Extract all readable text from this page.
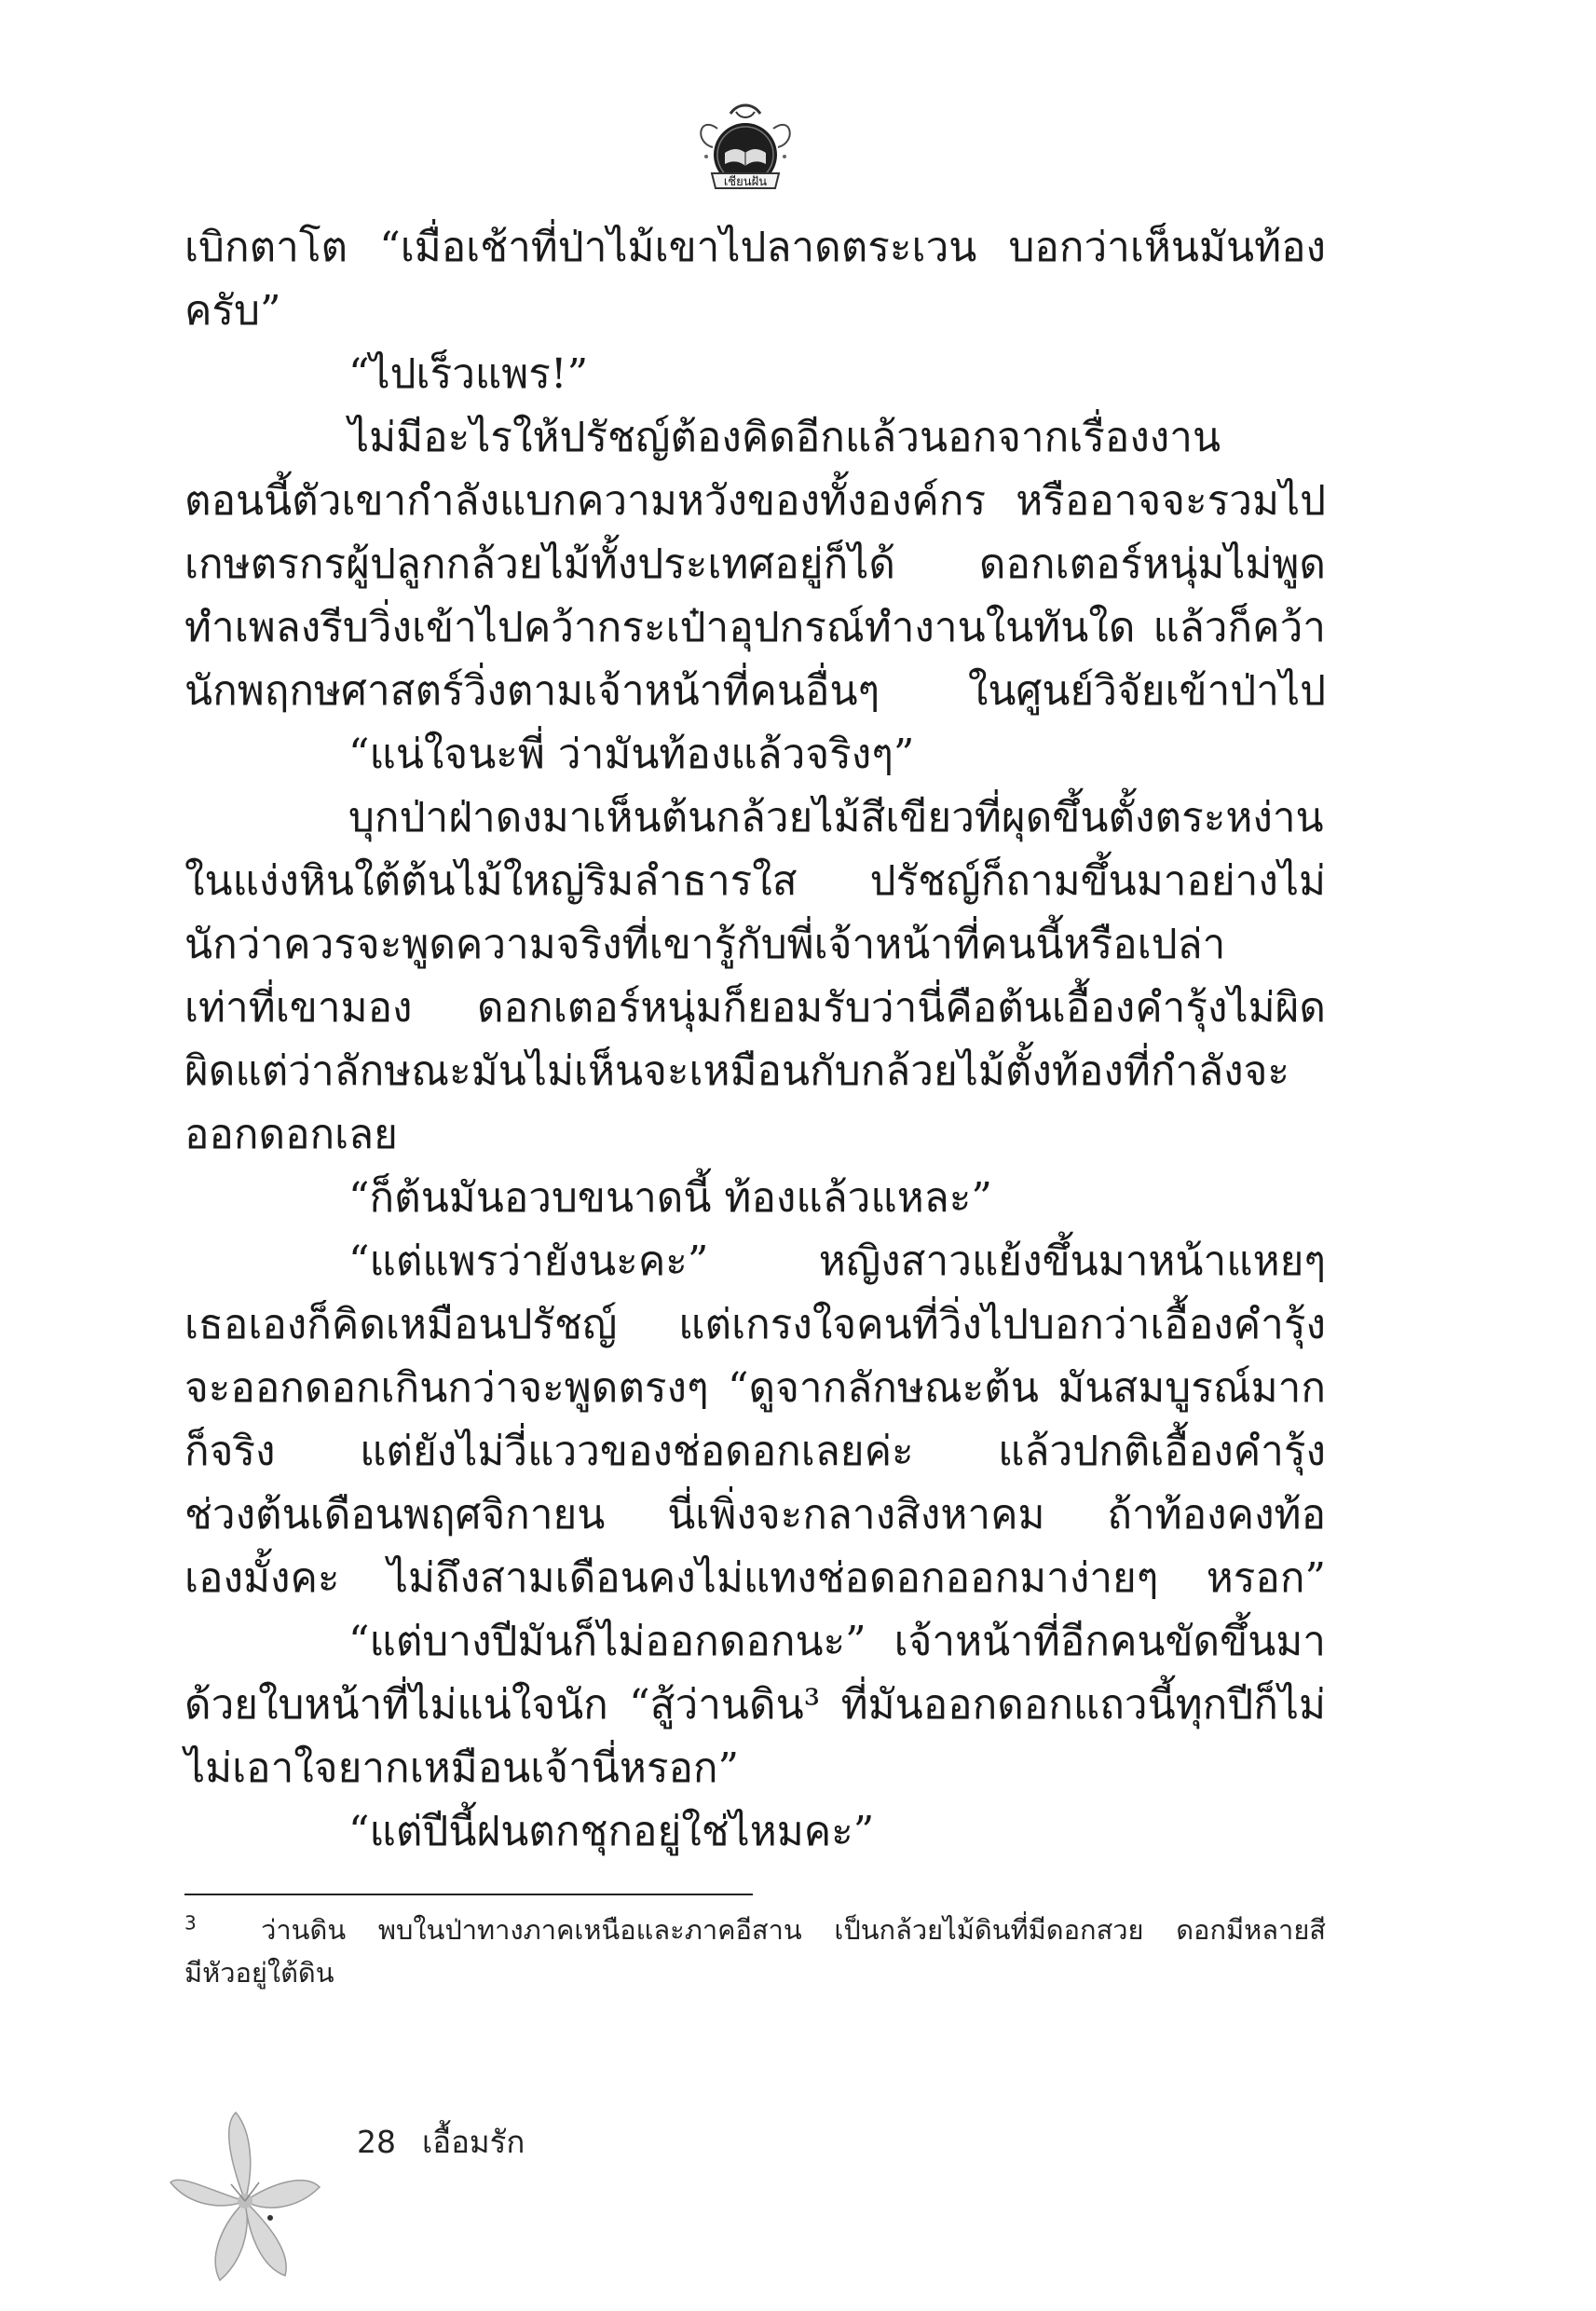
เชียนฝัน
เบิกตาโต “เมื่อเช้าที่ป่าไม้เขาไปลาดตระเวน บอกว่าเห็นมันท้อง
ครับ”
“ไปเร็วแพร!”
ไม่มีอะไรให้ปรัชญ์ต้องคิดอีกแล้วนอกจากเรื่องงาน
ตอนนี้ตัวเขากำลังแบกความหวังของทั้งองค์กร หรืออาจจะรวมไป
เกษตรกรผู้ปลูกกล้วยไม้ทั้งประเทศอยู่ก็ได้ ดอกเตอร์หนุ่มไม่พูด
ทำเพลงรีบวิ่งเข้าไปคว้ากระเป๋าอุปกรณ์ทำงานในทันใด แล้วก็คว้า
นักพฤกษศาสตร์วิ่งตามเจ้าหน้าที่คนอื่นๆ ในศูนย์วิจัยเข้าป่าไป
“แน่ใจนะพี่ ว่ามันท้องแล้วจริงๆ”
บุกป่าฝ่าดงมาเห็นต้นกล้วยไม้สีเขียวที่ผุดขึ้นตั้งตระหง่าน
ในแง่งหินใต้ต้นไม้ใหญ่ริมลำธารใส ปรัชญ์ก็ถามขึ้นมาอย่างไม่
นักว่าควรจะพูดความจริงที่เขารู้กับพี่เจ้าหน้าที่คนนี้หรือเปล่า
เท่าที่เขามอง ดอกเตอร์หนุ่มก็ยอมรับว่านี่คือต้นเอื้องคำรุ้งไม่ผิด
ผิดแต่ว่าลักษณะมันไม่เห็นจะเหมือนกับกล้วยไม้ตั้งท้องที่กำลังจะ
ออกดอกเลย
“ก็ต้นมันอวบขนาดนี้ ท้องแล้วแหละ”
“แต่แพรว่ายังนะคะ” หญิงสาวแย้งขึ้นมาหน้าแหยๆ
เธอเองก็คิดเหมือนปรัชญ์ แต่เกรงใจคนที่วิ่งไปบอกว่าเอื้องคำรุ้ง
จะออกดอกเกินกว่าจะพูดตรงๆ “ดูจากลักษณะต้น มันสมบูรณ์มาก
ก็จริง แต่ยังไม่วี่แววของช่อดอกเลยค่ะ แล้วปกติเอื้องคำรุ้ง
ช่วงต้นเดือนพฤศจิกายน นี่เพิ่งจะกลางสิงหาคม ถ้าท้องคงท้อ
เองมั้งคะ ไม่ถึงสามเดือนคงไม่แทงช่อดอกออกมาง่ายๆ หรอก”
“แต่บางปีมันก็ไม่ออกดอกนะ” เจ้าหน้าที่อีกคนขัดขึ้นมา
ด้วยใบหน้าที่ไม่แน่ใจนัก “สู้ว่านดิน³ ที่มันออกดอกแถวนี้ทุกปีก็ไม่
ไม่เอาใจยากเหมือนเจ้านี่หรอก”
“แต่ปีนี้ฝนตกชุกอยู่ใช่ไหมคะ”
$^3$ ว่านดิน พบในป่าทางภาคเหนือและภาคอีสาน เป็นกล้วยไม้ดินที่มีดอกสวย ดอกมีหลายสี
มีหัวอยู่ใต้ดิน
28 เอื้อมรัก
